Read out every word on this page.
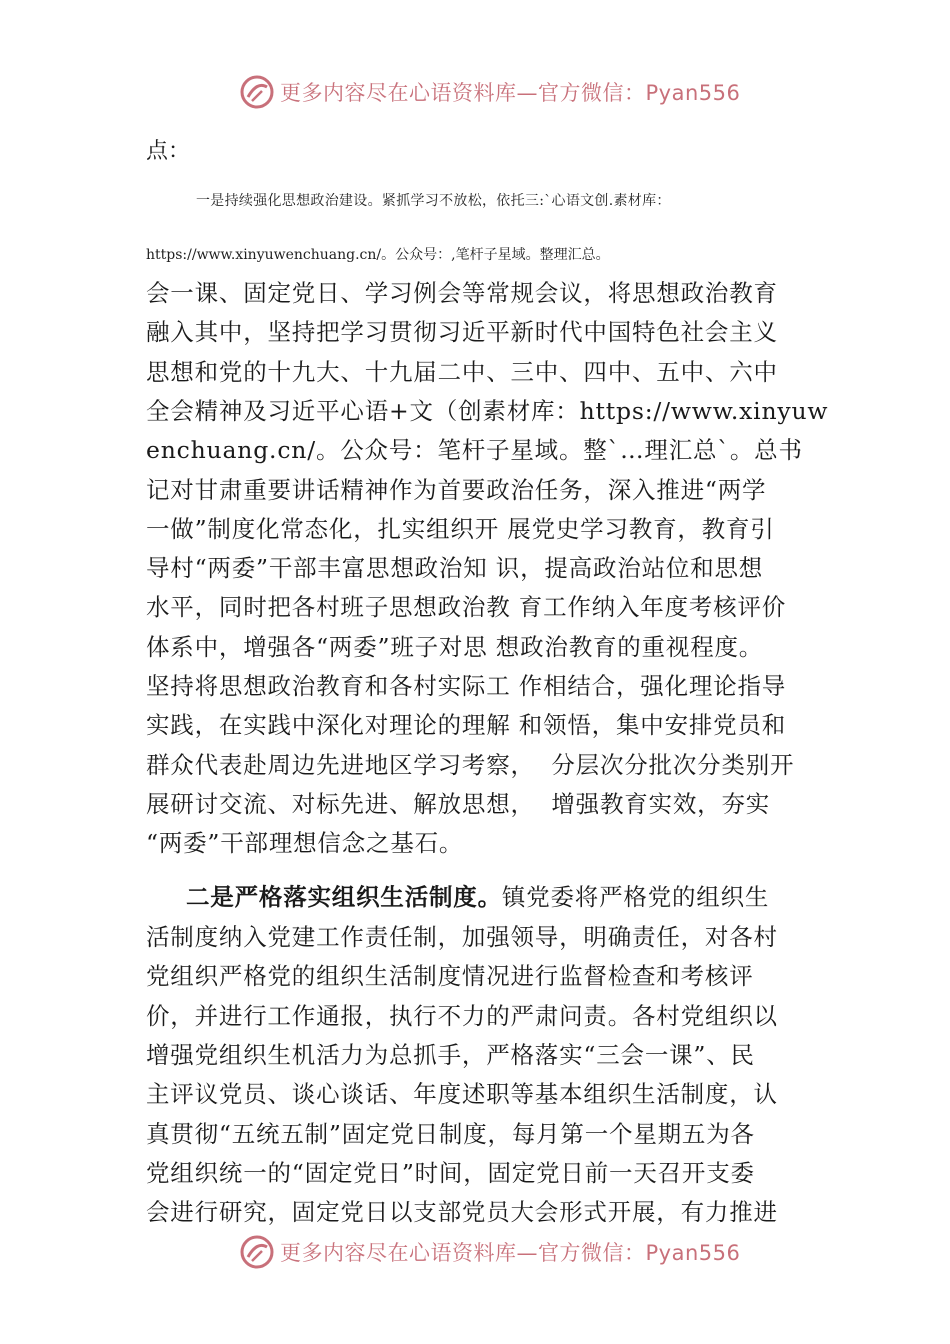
更多内容尽在心语资料库—官方微信：Pyan556
点：
一是持续强化思想政治建设。紧抓学习不放松，依托三:`心语文创.素材库：
https://www.xinyuwenchuang.cn/。公众号：,笔杆子星域。整理汇总。
会一课、固定党日、学习例会等常规会议，将思想政治教育
融入其中，坚持把学习贯彻习近平新时代中国特色社会主义
思想和党的十九大、十九届二中、三中、四中、五中、六中
全会精神及习近平心语+文（创素材库：https://www.xinyuw
enchuang.cn/。公众号：笔杆子星域。整`…理汇总`。总书
记对甘肃重要讲话精神作为首要政治任务，深入推进“两学
一做”制度化常态化，扎实组织开 展党史学习教育，教育引
导村“两委”干部丰富思想政治知 识，提高政治站位和思想
水平，同时把各村班子思想政治教 育工作纳入年度考核评价
体系中，增强各“两委”班子对思 想政治教育的重视程度。
坚持将思想政治教育和各村实际工 作相结合，强化理论指导
实践，在实践中深化对理论的理解 和领悟，集中安排党员和
群众代表赴周边先进地区学习考察，  分层次分批次分类别开
展研讨交流、对标先进、解放思想，  增强教育实效，夯实
“两委”干部理想信念之基石。
二是严格落实组织生活制度。镇党委将严格党的组织生
活制度纳入党建工作责任制，加强领导，明确责任，对各村
党组织严格党的组织生活制度情况进行监督检查和考核评
价，并进行工作通报，执行不力的严肃问责。各村党组织以
增强党组织生机活力为总抓手，严格落实“三会一课”、民
主评议党员、谈心谈话、年度述职等基本组织生活制度，认
真贯彻“五统五制”固定党日制度，每月第一个星期五为各
党组织统一的“固定党日”时间，固定党日前一天召开支委
会进行研究，固定党日以支部党员大会形式开展，有力推进
更多内容尽在心语资料库—官方微信：Pyan556
